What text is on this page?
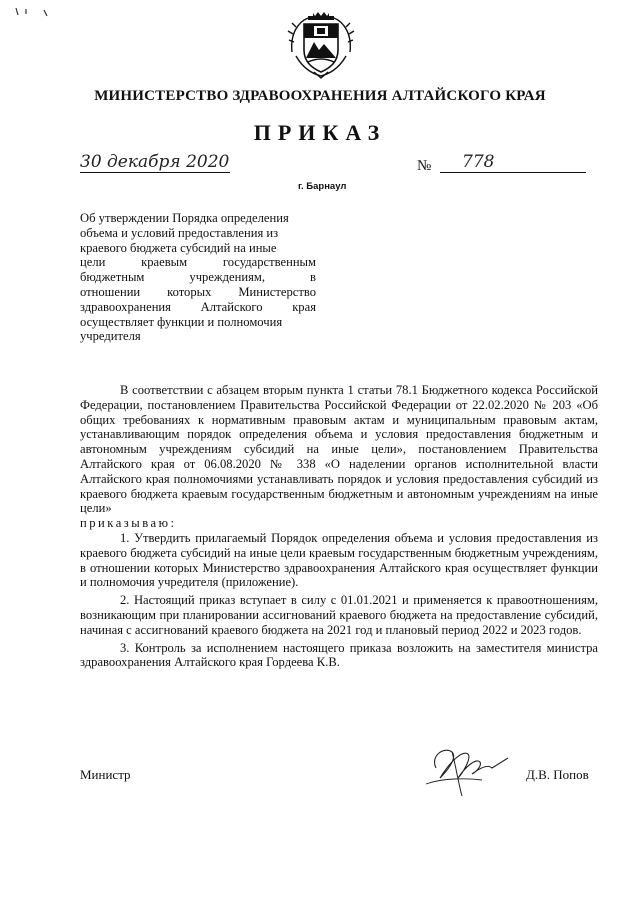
МИНИСТЕРСТВО ЗДРАВООХРАНЕНИЯ АЛТАЙСКОГО КРАЯ
ПРИКАЗ
30 декабря 2020	№ 778
г. Барнаул
Об утверждении Порядка определения
объема и условий предоставления из
краевого бюджета субсидий на иные
цели краевым государственным
бюджетным учреждениям, в
отношении которых Министерство
здравоохранения Алтайского края
осуществляет функции и полномочия
учредителя

В соответствии с абзацем вторым пункта 1 статьи 78.1 Бюджетного кодекса Российской Федерации, постановлением Правительства Российской Федерации от 22.02.2020 № 203 «Об общих требованиях к нормативным правовым актам и муниципальным правовым актам, устанавливающим порядок определения объема и условия предоставления бюджетным и автономным учреждениям субсидий на иные цели», постановлением Правительства Алтайского края от 06.08.2020 № 338 «О наделении органов исполнительной власти Алтайского края полномочиями устанавливать порядок и условия предоставления субсидий из краевого бюджета краевым государственным бюджетным и автономным учреждениям на иные цели»

приказываю:

1. Утвердить прилагаемый Порядок определения объема и условия предоставления из краевого бюджета субсидий на иные цели краевым государственным бюджетным учреждениям, в отношении которых Министерство здравоохранения Алтайского края осуществляет функции и полномочия учредителя (приложение).

2. Настоящий приказ вступает в силу с 01.01.2021 и применяется к правоотношениям, возникающим при планировании ассигнований краевого бюджета на предоставление субсидий, начиная с ассигнований краевого бюджета на 2021 год и плановый период 2022 и 2023 годов.

3. Контроль за исполнением настоящего приказа возложить на заместителя министра здравоохранения Алтайского края Гордеева К.В.

Министр	Д.В. Попов
